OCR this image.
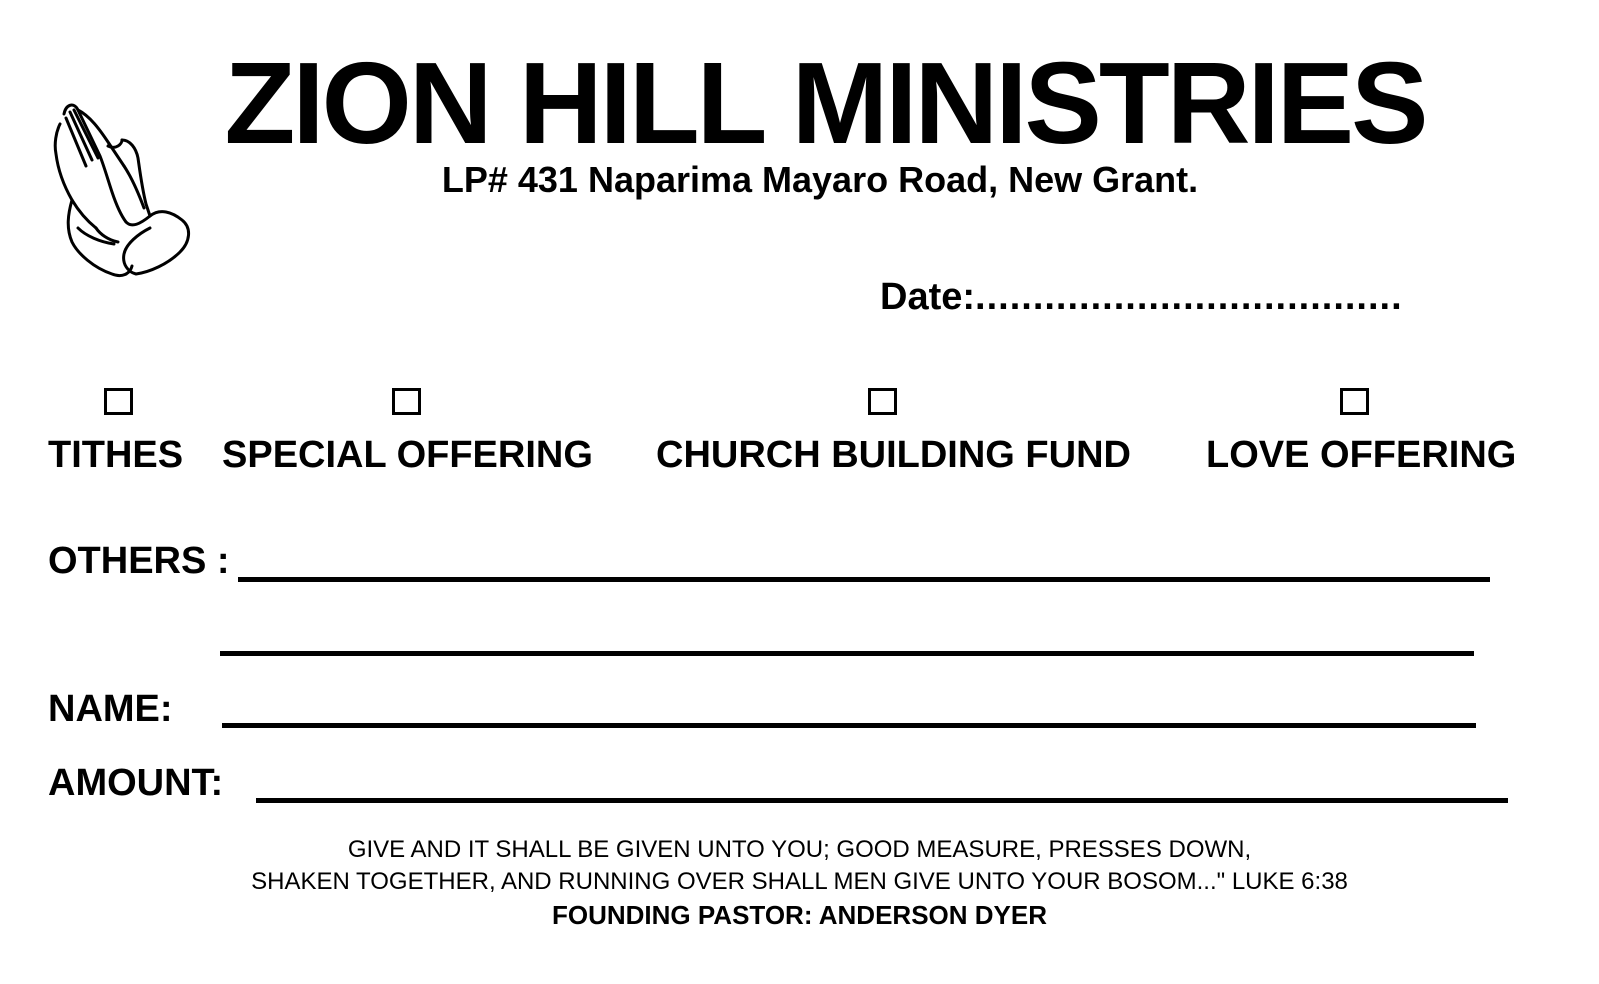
ZION HILL MINISTRIES
LP# 431 Naparima Mayaro Road, New Grant.
Date:.....................................
TITHES SPECIAL OFFERING CHURCH BUILDING FUND LOVE OFFERING
OTHERS :
NAME:
AMOUNT:
GIVE AND IT SHALL BE GIVEN UNTO YOU; GOOD MEASURE, PRESSES DOWN,
SHAKEN TOGETHER, AND RUNNING OVER SHALL MEN GIVE UNTO YOUR BOSOM..." LUKE 6:38
FOUNDING PASTOR: ANDERSON DYER
